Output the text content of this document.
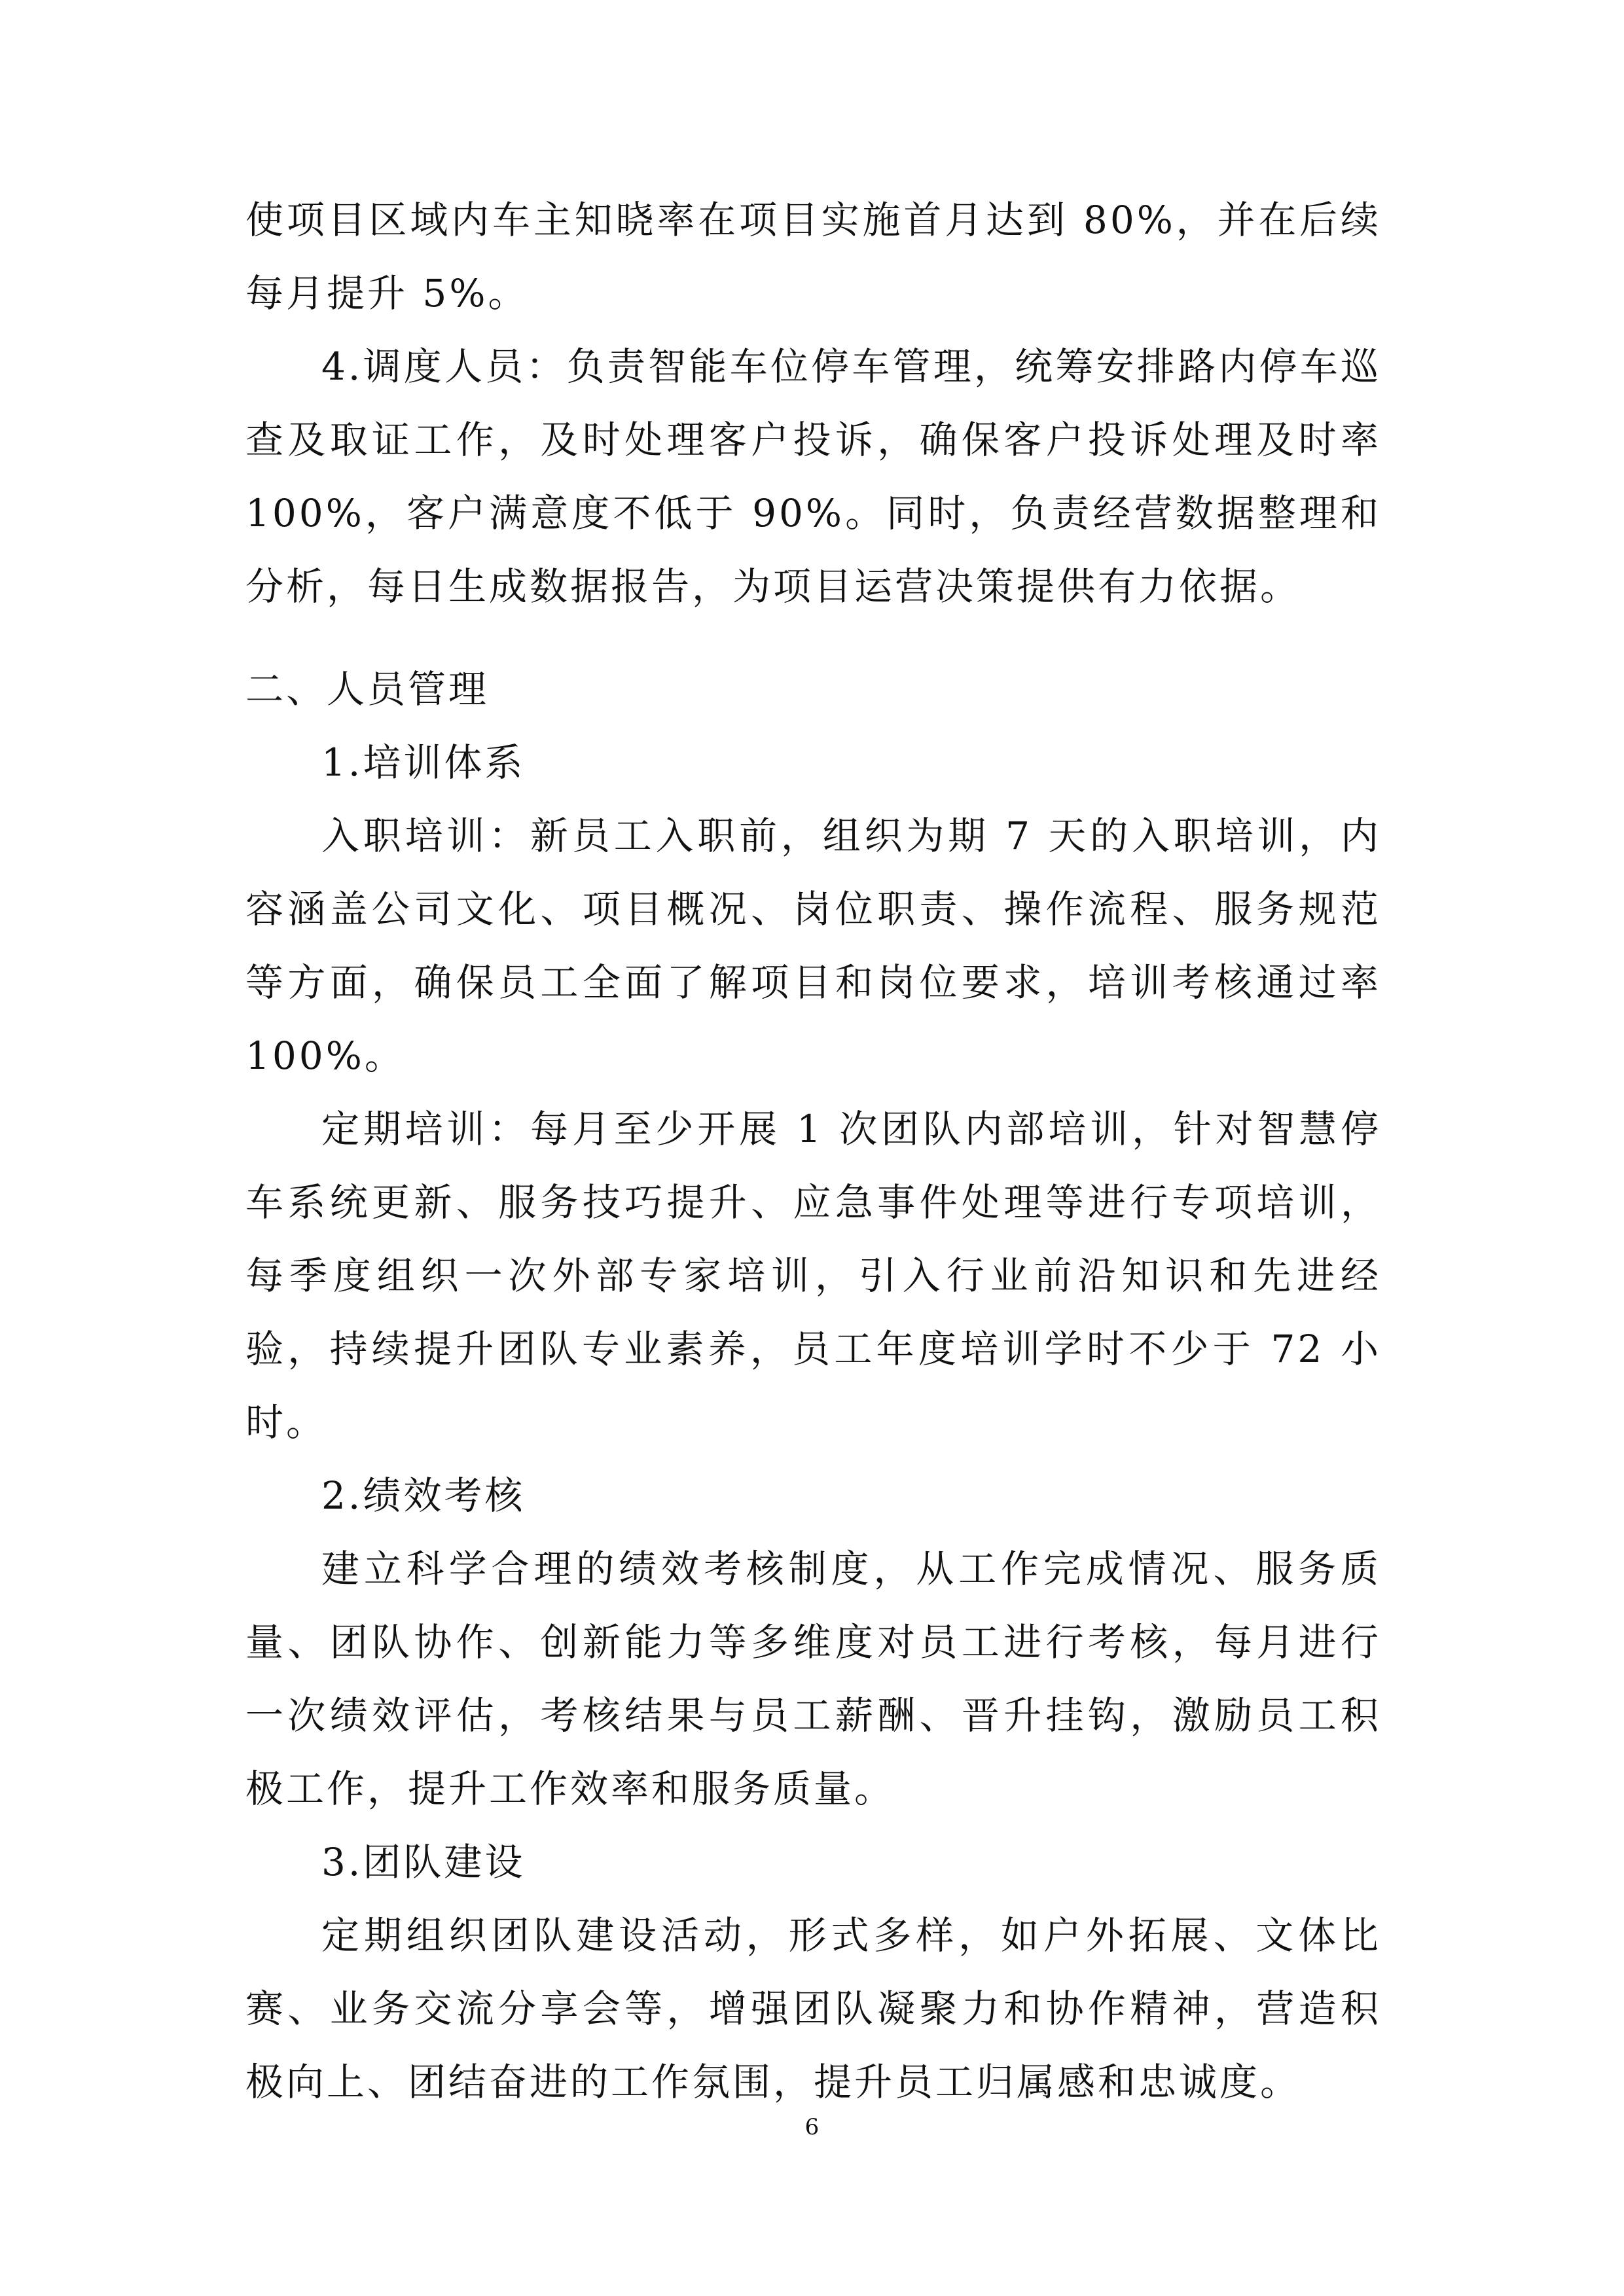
使项目区域内车主知晓率在项目实施首月达到 80%，并在后续每月提升 5%。

4.调度人员：负责智能车位停车管理，统筹安排路内停车巡查及取证工作，及时处理客户投诉，确保客户投诉处理及时率 100%，客户满意度不低于 90%。同时，负责经营数据整理和分析，每日生成数据报告，为项目运营决策提供有力依据。

二、人员管理

1.培训体系

入职培训：新员工入职前，组织为期 7 天的入职培训，内容涵盖公司文化、项目概况、岗位职责、操作流程、服务规范等方面，确保员工全面了解项目和岗位要求，培训考核通过率 100%。

定期培训：每月至少开展 1 次团队内部培训，针对智慧停车系统更新、服务技巧提升、应急事件处理等进行专项培训，每季度组织一次外部专家培训，引入行业前沿知识和先进经验，持续提升团队专业素养，员工年度培训学时不少于 72 小时。

2.绩效考核

建立科学合理的绩效考核制度，从工作完成情况、服务质量、团队协作、创新能力等多维度对员工进行考核，每月进行一次绩效评估，考核结果与员工薪酬、晋升挂钩，激励员工积极工作，提升工作效率和服务质量。

3.团队建设

定期组织团队建设活动，形式多样，如户外拓展、文体比赛、业务交流分享会等，增强团队凝聚力和协作精神，营造积极向上、团结奋进的工作氛围，提升员工归属感和忠诚度。

6
